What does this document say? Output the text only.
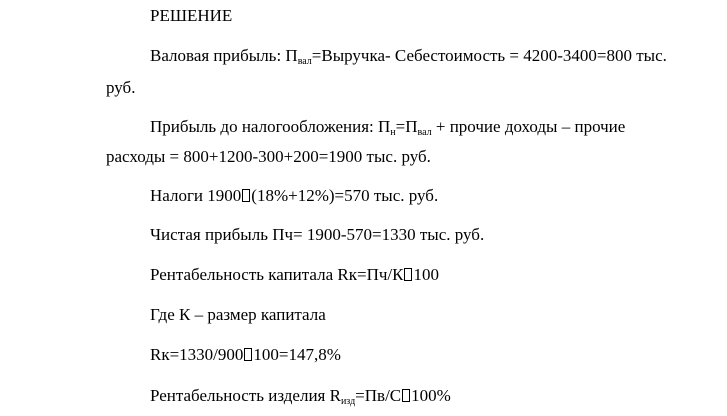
РЕШЕНИЕ
Валовая прибыль: $П_{вал}=Выручка-$ Себестоимость = 4200-3400=800 тыс.
руб.
Прибыль до налогообложения: $П_н=П_{вал}$ + прочие доходы – прочие
расходы = 800+1200-300+200=1900 тыс. руб.
Налоги 1900 (18%+12%)=570 тыс. руб.
Чистая прибыль Пч= 1900-570=1330 тыс. руб.
Рентабельность капитала Rк=Пч/К 100
Где К – размер капитала
Rк=1330/900 100=147,8%
Рентабельность изделия $R_{изд}=Пв/С$ 100%
